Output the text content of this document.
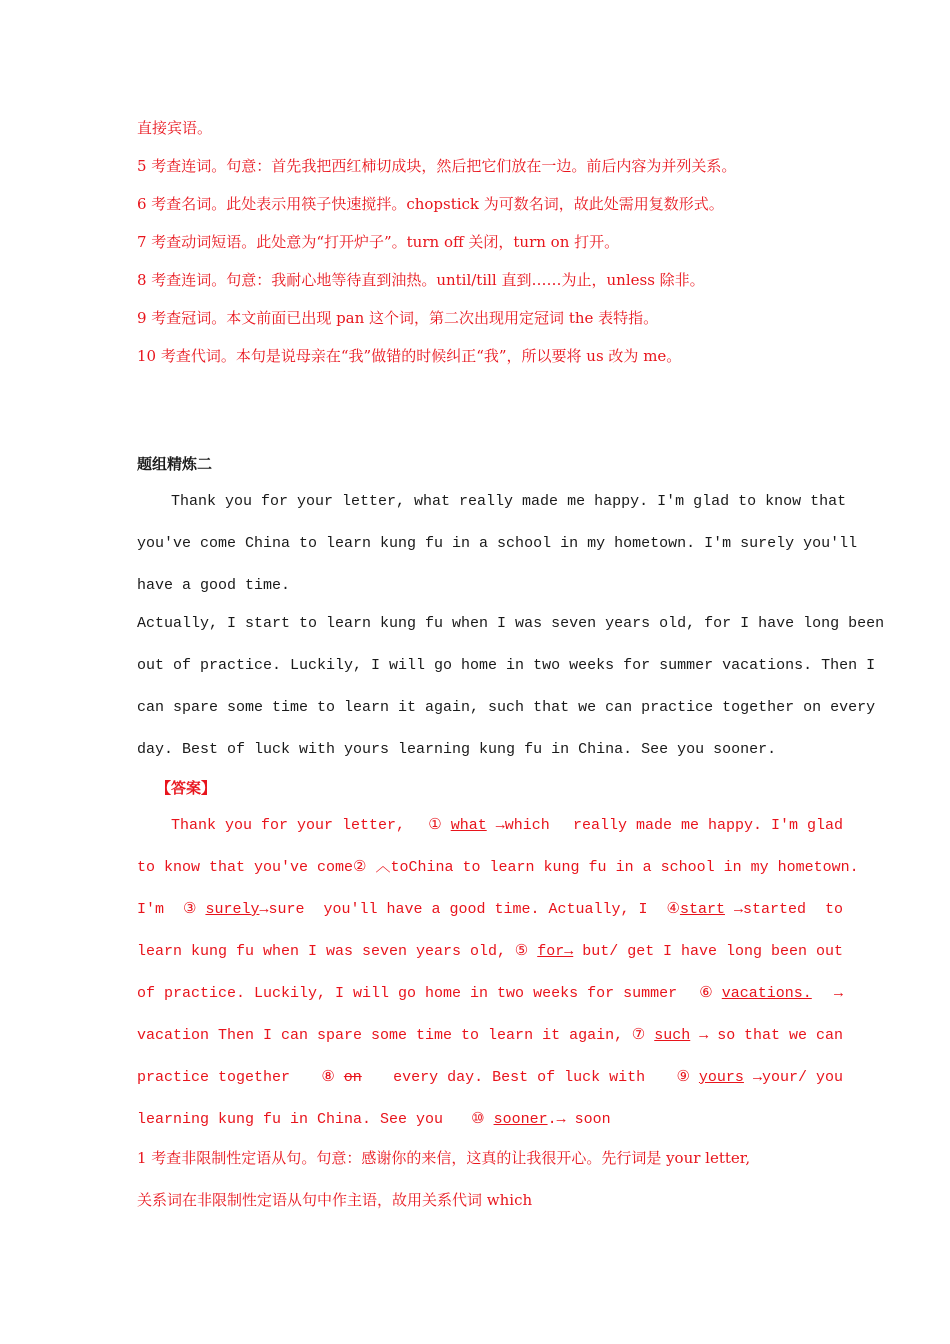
直接宾语。
5 考查连词。句意：首先我把西红柿切成块，然后把它们放在一边。前后内容为并列关系。
6 考查名词。此处表示用筷子快速搅拌。chopstick 为可数名词，故此处需用复数形式。
7 考查动词短语。此处意为“打开炉子”。turn off 关闭，turn on 打开。
8 考查连词。句意：我耐心地等待直到油热。until/till 直到……为止，unless 除非。
9 考查冠词。本文前面已出现 pan 这个词，第二次出现用定冠词 the 表特指。
10 考查代词。本句是说母亲在“我”做错的时候纠正“我”，所以要将 us 改为 me。
题组精炼二
Thank you for your letter, what really made me happy. I'm glad to know that
you've come China to learn kung fu in a school in my hometown. I'm surely you'll
have a good time.
Actually, I start to learn kung fu when I was seven years old, for I have long been
out of practice. Luckily, I will go home in two weeks for summer vacations. Then I
can spare some time to learn it again, such that we can practice together on every
day. Best of luck with yours learning kung fu in China. See you sooner.
【答案】
Thank you for your letter, ① what →which really made me happy. I'm glad
to know that you've come② ︿to China to learn kung fu in a school in my hometown.
I'm ③ surely→sure you'll have a good time. Actually, I ④start →started to
learn kung fu when I was seven years old, ⑤ for→ but/ get I have long been out
of practice. Luckily, I will go home in two weeks for summer ⑥ vacations. →
vacation Then I can spare some time to learn it again, ⑦ such → so that we can
practice together ⑧ on every day. Best of luck with ⑨ yours →your/ you
learning kung fu in China. See you ⑩ sooner.→ soon
1 考查非限制性定语从句。句意：感谢你的来信，这真的让我很开心。先行词是 your letter,
关系词在非限制性定语从句中作主语，故用关系代词 which
